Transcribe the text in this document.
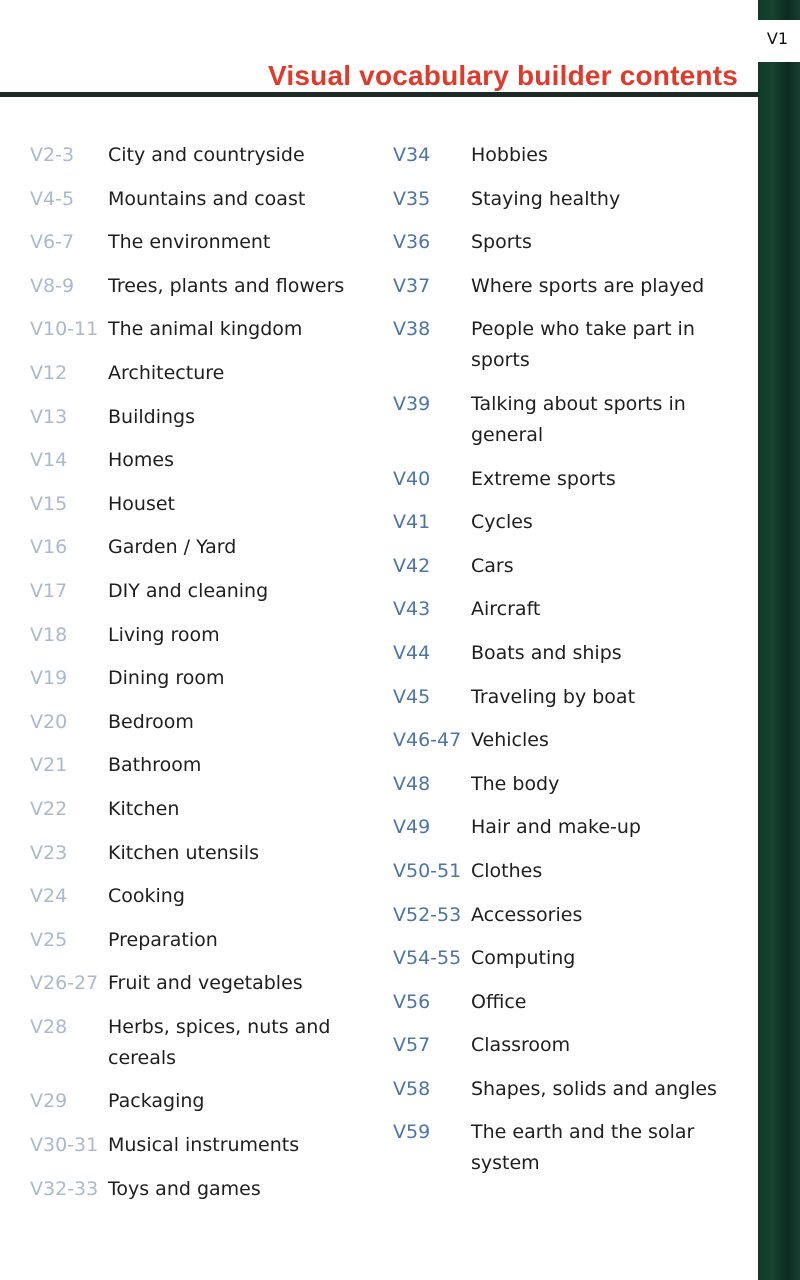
V1
Visual vocabulary builder contents
V2-3	City and countryside
V4-5	Mountains and coast
V6-7	The environment
V8-9	Trees, plants and flowers
V10-11 The animal kingdom
V12	Architecture
V13	Buildings
V14	Homes
V15	Houset
V16	Garden / Yard
V17	DIY and cleaning
V18	Living room
V19	Dining room
V20	Bedroom
V21	Bathroom
V22	Kitchen
V23	Kitchen utensils
V24	Cooking
V25	Preparation
V26-27 Fruit and vegetables
V28	Herbs, spices, nuts and cereals
V29	Packaging
V30-31 Musical instruments
V32-33 Toys and games
V34	Hobbies
V35	Staying healthy
V36	Sports
V37	Where sports are played
V38	People who take part in sports
V39	Talking about sports in general
V40	Extreme sports
V41	Cycles
V42	Cars
V43	Aircraft
V44	Boats and ships
V45	Traveling by boat
V46-47 Vehicles
V48	The body
V49	Hair and make-up
V50-51 Clothes
V52-53 Accessories
V54-55 Computing
V56	Office
V57	Classroom
V58	Shapes, solids and angles
V59	The earth and the solar system
